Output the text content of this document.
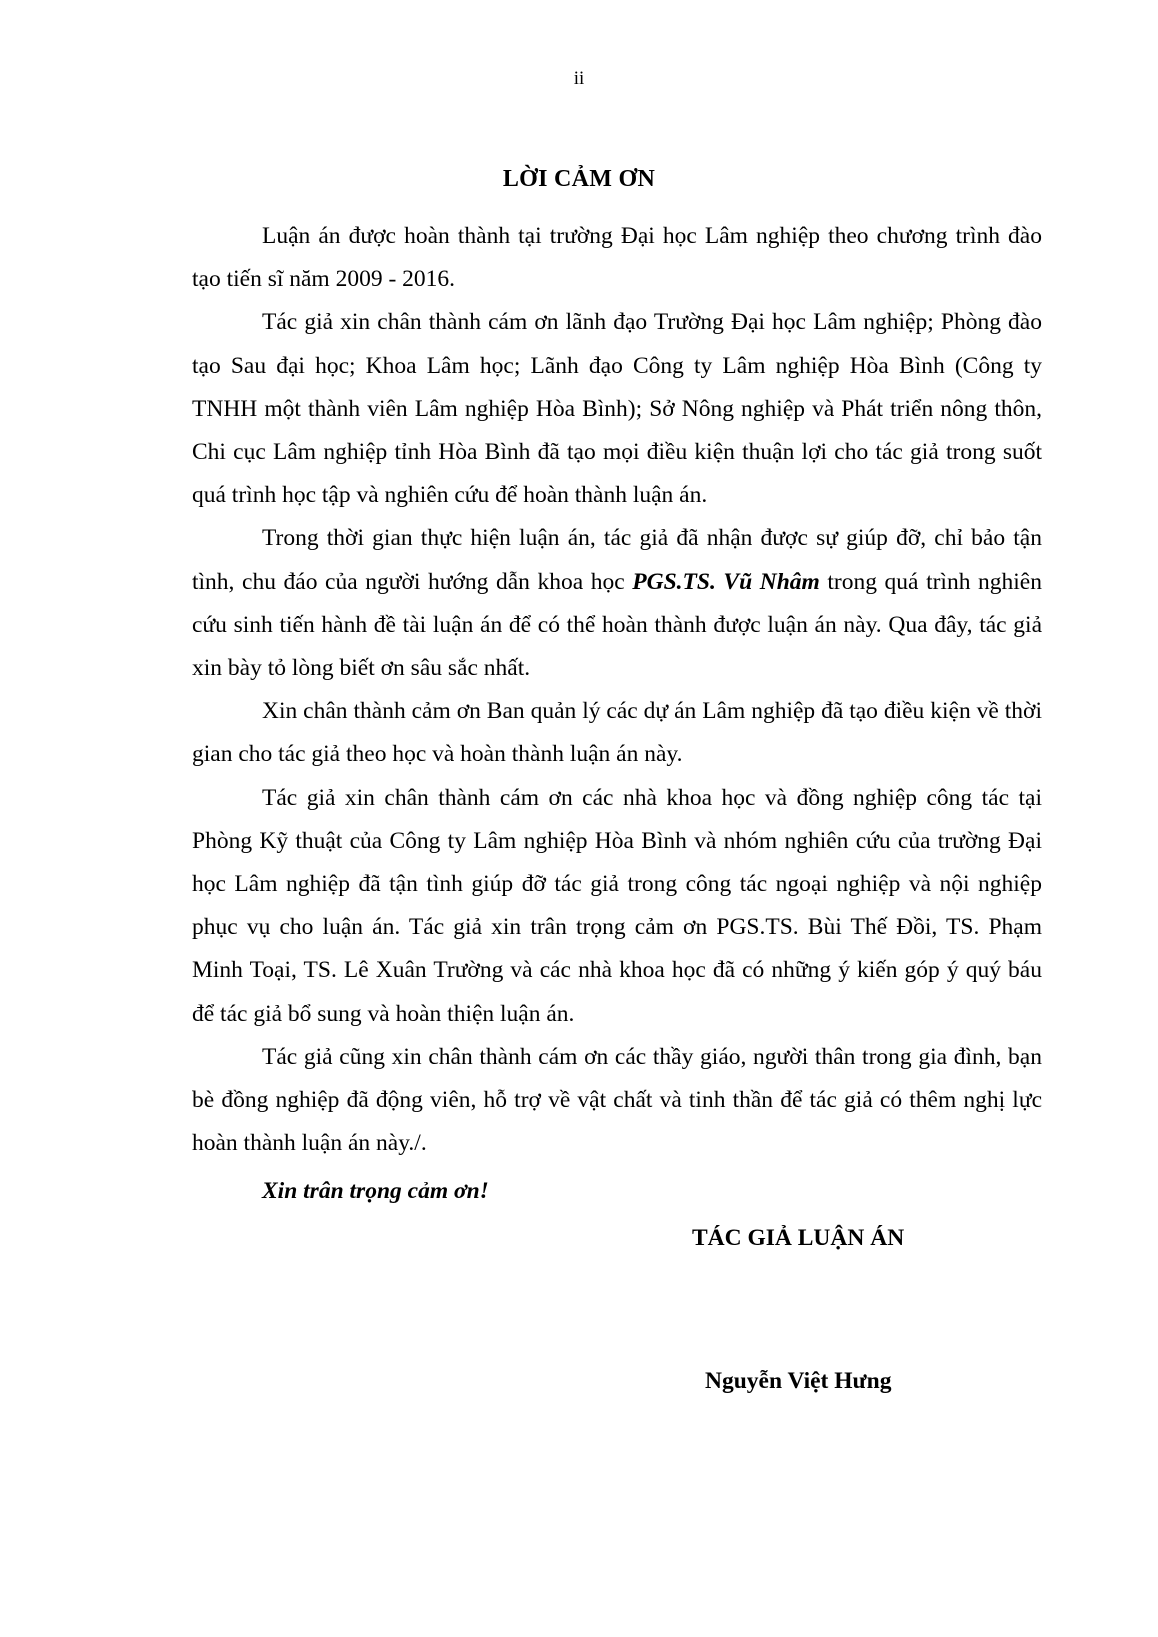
ii
LỜI CẢM ƠN

Luận án được hoàn thành tại trường Đại học Lâm nghiệp theo chương trình đào tạo tiến sĩ năm 2009 - 2016.

Tác giả xin chân thành cám ơn lãnh đạo Trường Đại học Lâm nghiệp; Phòng đào tạo Sau đại học; Khoa Lâm học; Lãnh đạo Công ty Lâm nghiệp Hòa Bình (Công ty TNHH một thành viên Lâm nghiệp Hòa Bình); Sở Nông nghiệp và Phát triển nông thôn, Chi cục Lâm nghiệp tỉnh Hòa Bình đã tạo mọi điều kiện thuận lợi cho tác giả trong suốt quá trình học tập và nghiên cứu để hoàn thành luận án.

Trong thời gian thực hiện luận án, tác giả đã nhận được sự giúp đỡ, chỉ bảo tận tình, chu đáo của người hướng dẫn khoa học PGS.TS. Vũ Nhâm trong quá trình nghiên cứu sinh tiến hành đề tài luận án để có thể hoàn thành được luận án này. Qua đây, tác giả xin bày tỏ lòng biết ơn sâu sắc nhất.

Xin chân thành cảm ơn Ban quản lý các dự án Lâm nghiệp đã tạo điều kiện về thời gian cho tác giả theo học và hoàn thành luận án này.

Tác giả xin chân thành cám ơn các nhà khoa học và đồng nghiệp công tác tại Phòng Kỹ thuật của Công ty Lâm nghiệp Hòa Bình và nhóm nghiên cứu của trường Đại học Lâm nghiệp đã tận tình giúp đỡ tác giả trong công tác ngoại nghiệp và nội nghiệp phục vụ cho luận án. Tác giả xin trân trọng cảm ơn PGS.TS. Bùi Thế Đồi, TS. Phạm Minh Toại, TS. Lê Xuân Trường và các nhà khoa học đã có những ý kiến góp ý quý báu để tác giả bổ sung và hoàn thiện luận án.

Tác giả cũng xin chân thành cám ơn các thầy giáo, người thân trong gia đình, bạn bè đồng nghiệp đã động viên, hỗ trợ về vật chất và tinh thần để tác giả có thêm nghị lực hoàn thành luận án này./.

Xin trân trọng cảm ơn!
TÁC GIẢ LUẬN ÁN
Nguyễn Việt Hưng
